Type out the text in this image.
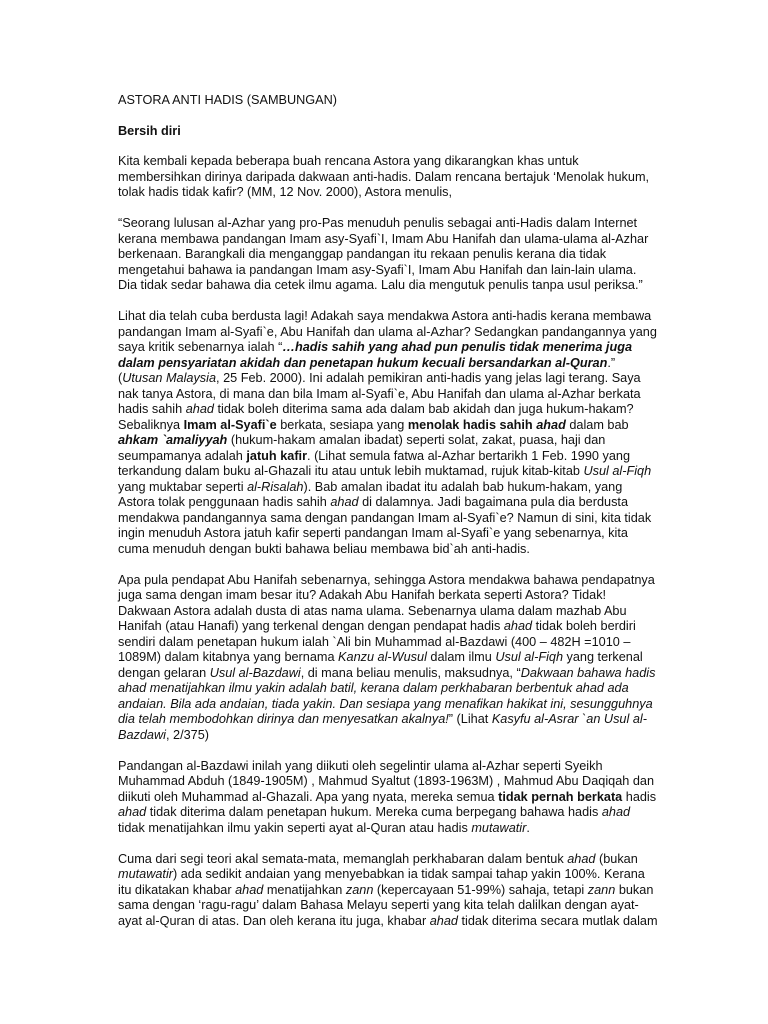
ASTORA ANTI HADIS (SAMBUNGAN)
Bersih diri

Kita kembali kepada beberapa buah rencana Astora yang dikarangkan khas untuk membersihkan dirinya daripada dakwaan anti-hadis. Dalam rencana bertajuk ‘Menolak hukum, tolak hadis tidak kafir? (MM, 12 Nov. 2000), Astora menulis,

“Seorang lulusan al-Azhar yang pro-Pas menuduh penulis sebagai anti-Hadis dalam Internet kerana membawa pandangan Imam asy-Syafi`I, Imam Abu Hanifah dan ulama-ulama al-Azhar berkenaan. Barangkali dia menganggap pandangan itu rekaan penulis kerana dia tidak mengetahui bahawa ia pandangan Imam asy-Syafi`I, Imam Abu Hanifah dan lain-lain ulama. Dia tidak sedar bahawa dia cetek ilmu agama. Lalu dia mengutuk penulis tanpa usul periksa.”

Lihat dia telah cuba berdusta lagi! Adakah saya mendakwa Astora anti-hadis kerana membawa pandangan Imam al-Syafi`e, Abu Hanifah dan ulama al-Azhar? Sedangkan pandangannya yang saya kritik sebenarnya ialah “…hadis sahih yang ahad pun penulis tidak menerima juga dalam pensyariatan akidah dan penetapan hukum kecuali bersandarkan al-Quran.” (Utusan Malaysia, 25 Feb. 2000). Ini adalah pemikiran anti-hadis yang jelas lagi terang. Saya nak tanya Astora, di mana dan bila Imam al-Syafi`e, Abu Hanifah dan ulama al-Azhar berkata hadis sahih ahad tidak boleh diterima sama ada dalam bab akidah dan juga hukum-hakam? Sebaliknya Imam al-Syafi`e berkata, sesiapa yang menolak hadis sahih ahad dalam bab ahkam `amaliyyah (hukum-hakam amalan ibadat) seperti solat, zakat, puasa, haji dan seumpamanya adalah jatuh kafir. (Lihat semula fatwa al-Azhar bertarikh 1 Feb. 1990 yang terkandung dalam buku al-Ghazali itu atau untuk lebih muktamad, rujuk kitab-kitab Usul al-Fiqh yang muktabar seperti al-Risalah). Bab amalan ibadat itu adalah bab hukum-hakam, yang Astora tolak penggunaan hadis sahih ahad di dalamnya. Jadi bagaimana pula dia berdusta mendakwa pandangannya sama dengan pandangan Imam al-Syafi`e? Namun di sini, kita tidak ingin menuduh Astora jatuh kafir seperti pandangan Imam al-Syafi`e yang sebenarnya, kita cuma menuduh dengan bukti bahawa beliau membawa bid`ah anti-hadis.

Apa pula pendapat Abu Hanifah sebenarnya, sehingga Astora mendakwa bahawa pendapatnya juga sama dengan imam besar itu? Adakah Abu Hanifah berkata seperti Astora? Tidak! Dakwaan Astora adalah dusta di atas nama ulama. Sebenarnya ulama dalam mazhab Abu Hanifah (atau Hanafi) yang terkenal dengan dengan pendapat hadis ahad tidak boleh berdiri sendiri dalam penetapan hukum ialah `Ali bin Muhammad al-Bazdawi (400 – 482H =1010 – 1089M) dalam kitabnya yang bernama Kanzu al-Wusul dalam ilmu Usul al-Fiqh yang terkenal dengan gelaran Usul al-Bazdawi, di mana beliau menulis, maksudnya, “Dakwaan bahawa hadis ahad menatijahkan ilmu yakin adalah batil, kerana dalam perkhabaran berbentuk ahad ada andaian. Bila ada andaian, tiada yakin. Dan sesiapa yang menafikan hakikat ini, sesungguhnya dia telah membodohkan dirinya dan menyesatkan akalnya!” (Lihat Kasyfu al-Asrar `an Usul al-Bazdawi, 2/375)

Pandangan al-Bazdawi inilah yang diikuti oleh segelintir ulama al-Azhar seperti Syeikh Muhammad Abduh (1849-1905M) , Mahmud Syaltut (1893-1963M) , Mahmud Abu Daqiqah dan diikuti oleh Muhammad al-Ghazali. Apa yang nyata, mereka semua tidak pernah berkata hadis ahad tidak diterima dalam penetapan hukum. Mereka cuma berpegang bahawa hadis ahad tidak menatijahkan ilmu yakin seperti ayat al-Quran atau hadis mutawatir.

Cuma dari segi teori akal semata-mata, memanglah perkhabaran dalam bentuk ahad (bukan mutawatir) ada sedikit andaian yang menyebabkan ia tidak sampai tahap yakin 100%. Kerana itu dikatakan khabar ahad menatijahkan zann (kepercayaan 51-99%) sahaja, tetapi zann bukan sama dengan ‘ragu-ragu’ dalam Bahasa Melayu seperti yang kita telah dalilkan dengan ayat-ayat al-Quran di atas. Dan oleh kerana itu juga, khabar ahad tidak diterima secara mutlak dalam
